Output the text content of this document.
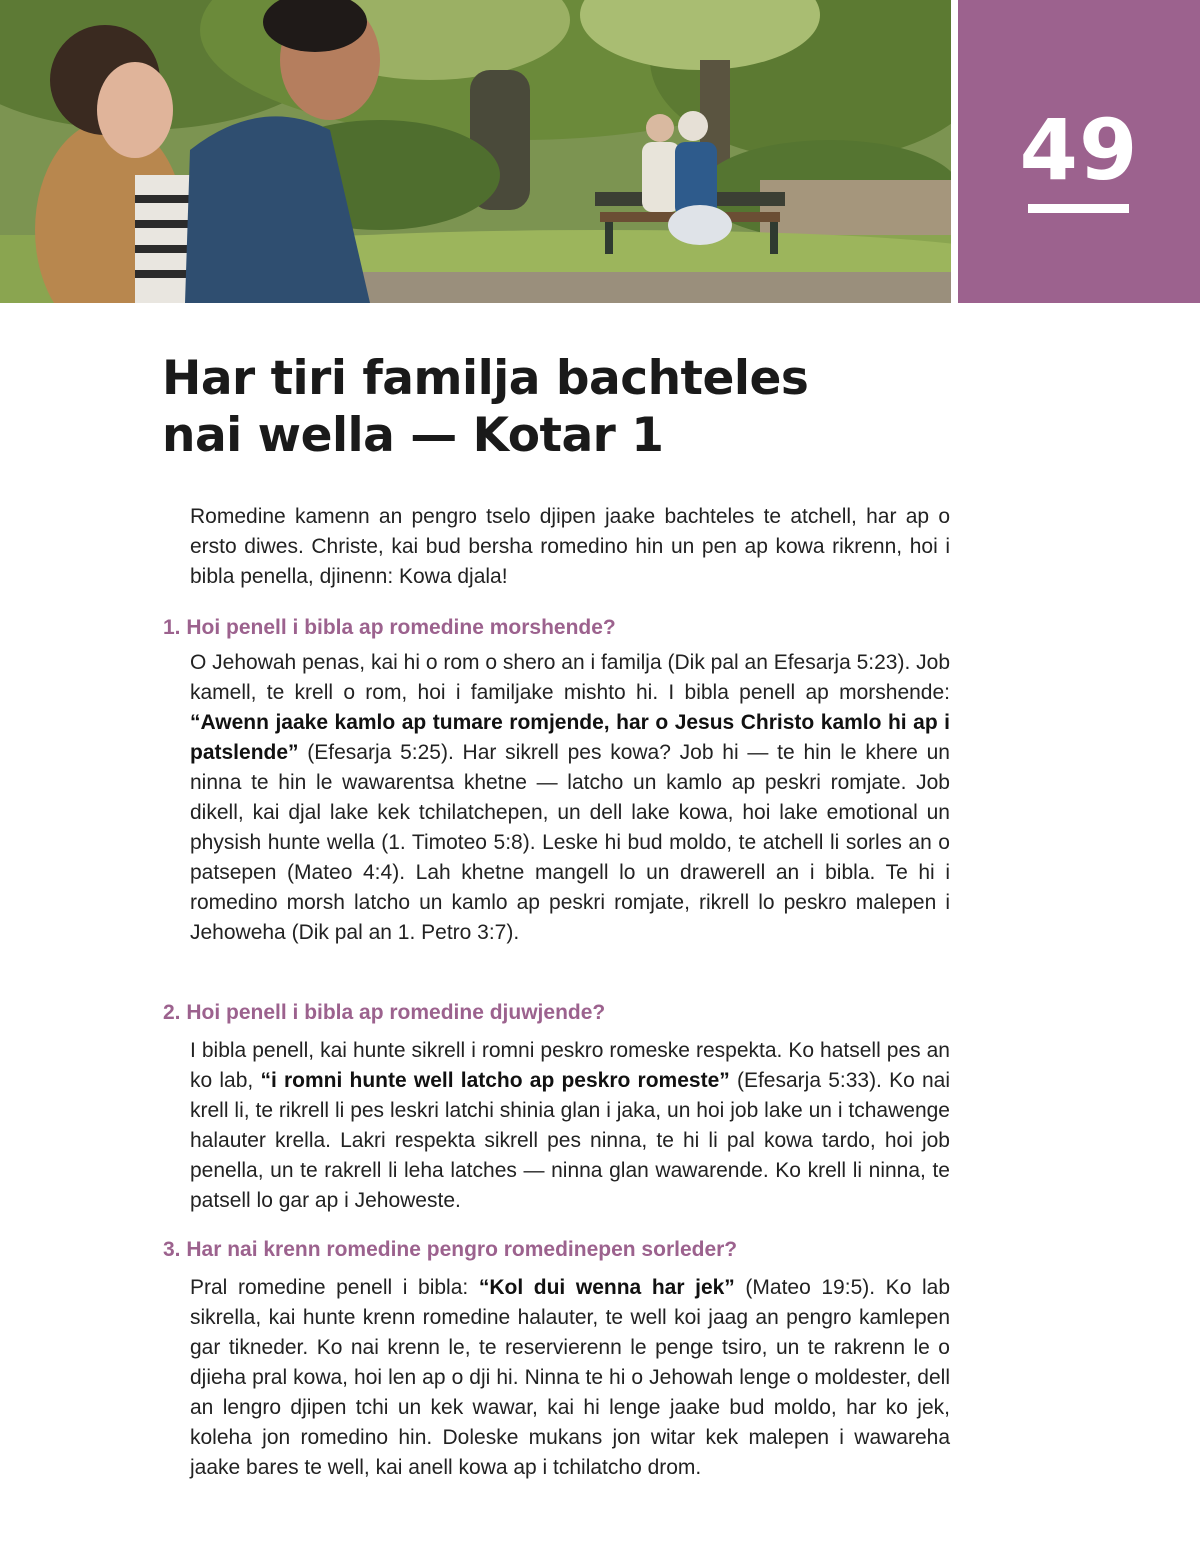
49
Har tiri familja bachteles
nai wella — Kotar 1

Romedine kamenn an pengro tselo djipen jaake bachteles te atchell, har ap o ersto diwes. Christe, kai bud bersha romedino hin un pen ap kowa rikrenn, hoi i bibla penella, djinenn: Kowa djala!

1. Hoi penell i bibla ap romedine morshende?

O Jehowah penas, kai hi o rom o shero an i familja (Dik pal an Efesarja 5:23). Job kamell, te krell o rom, hoi i familjake mishto hi. I bibla penell ap morshende: “Awenn jaake kamlo ap tumare romjende, har o Jesus Christo kamlo hi ap i patslende” (Efesarja 5:25). Har sikrell pes kowa? Job hi — te hin le khere un ninna te hin le wawarentsa khetne — latcho un kamlo ap peskri romjate. Job dikell, kai djal lake kek tchilatchepen, un dell lake kowa, hoi lake emotional un physish hunte wella (1. Timoteo 5:8). Leske hi bud moldo, te atchell li sorles an o patsepen (Mateo 4:4). Lah khetne mangell lo un drawerell an i bibla. Te hi i romedino morsh latcho un kamlo ap peskri romjate, rikrell lo peskro malepen i Jehoweha (Dik pal an 1. Petro 3:7).

2. Hoi penell i bibla ap romedine djuwjende?

I bibla penell, kai hunte sikrell i romni peskro romeske respekta. Ko hatsell pes an ko lab, “i romni hunte well latcho ap peskro romeste” (Efesarja 5:33). Ko nai krell li, te rikrell li pes leskri latchi shinia glan i jaka, un hoi job lake un i tchawenge halauter krella. Lakri respekta sikrell pes ninna, te hi li pal kowa tardo, hoi job penella, un te rakrell li leha latches — ninna glan wawarende. Ko krell li ninna, te patsell lo gar ap i Jehoweste.

3. Har nai krenn romedine pengro romedinepen sorleder?

Pral romedine penell i bibla: “Kol dui wenna har jek” (Mateo 19:5). Ko lab sikrella, kai hunte krenn romedine halauter, te well koi jaag an pengro kamlepen gar tikneder. Ko nai krenn le, te reservierenn le penge tsiro, un te rakrenn le o djieha pral kowa, hoi len ap o dji hi. Ninna te hi o Jehowah lenge o moldester, dell an lengro djipen tchi un kek wawar, kai hi lenge jaake bud moldo, har ko jek, koleha jon romedino hin. Doleske mukans jon witar kek malepen i wawareha jaake bares te well, kai anell kowa ap i tchilatcho drom.
